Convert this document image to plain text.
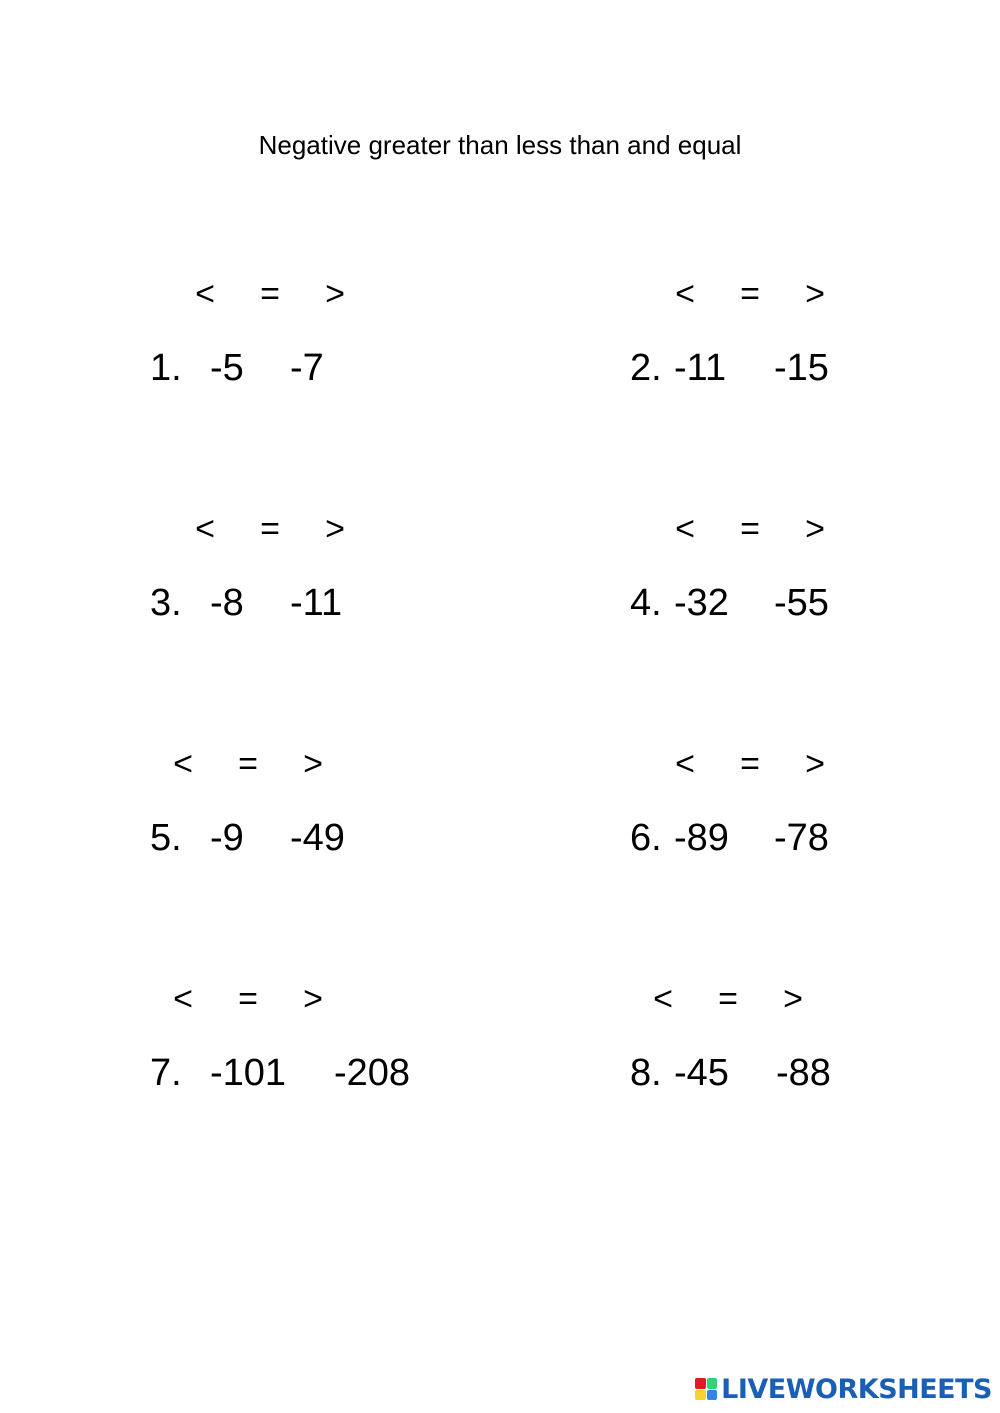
Negative greater than less than and equal
< = >
1. -5 -7
< = >
2. -11 -15
< = >
3. -8 -11
< = >
4. -32 -55
< = >
5. -9 -49
< = >
6. -89 -78
< = >
7. -101 -208
< = >
8. -45 -88
LIVEWORKSHEETS
